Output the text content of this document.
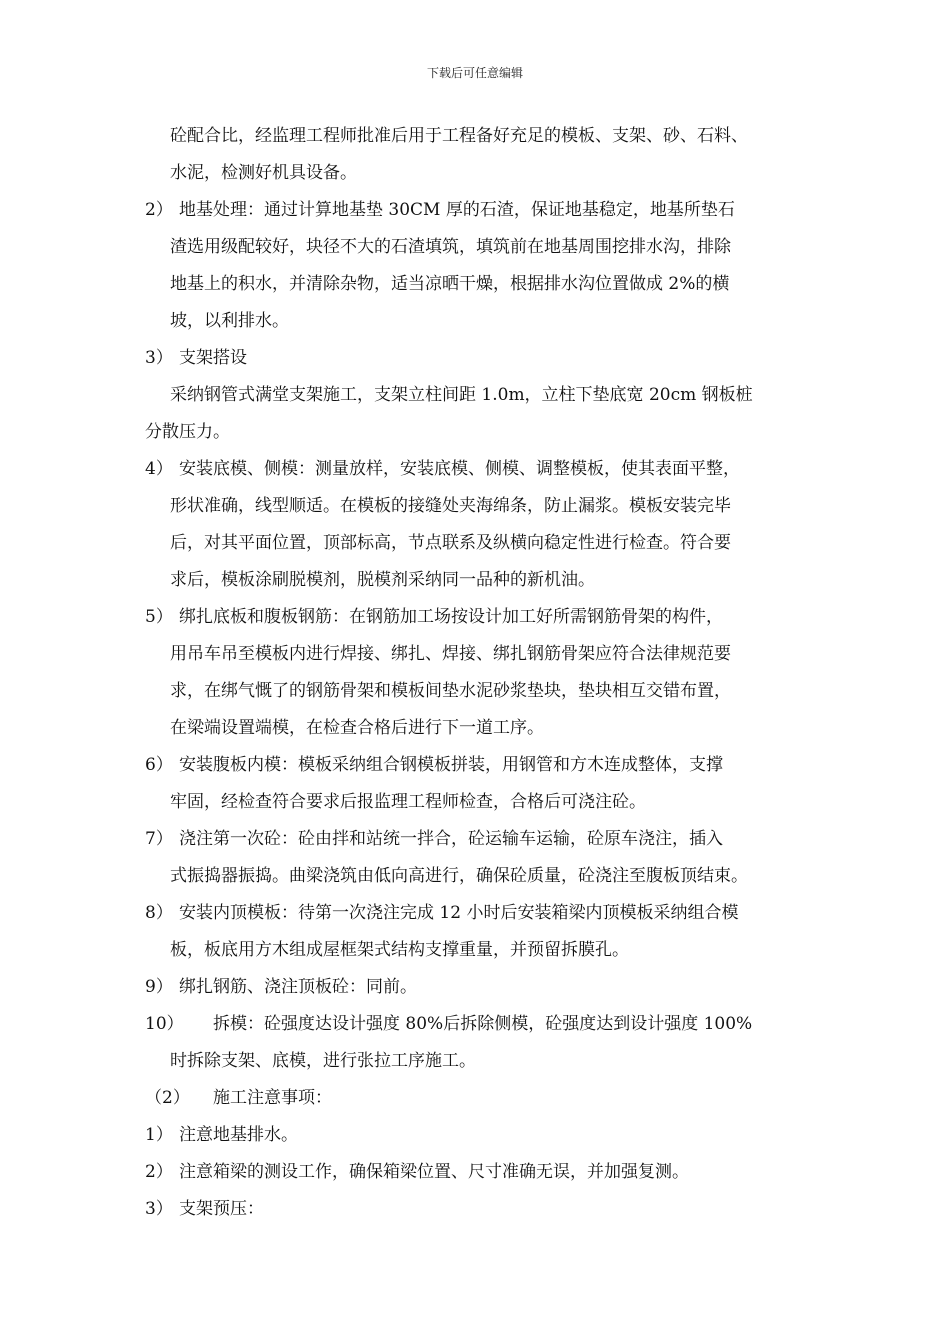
下载后可任意编辑
砼配合比，经监理工程师批准后用于工程备好充足的模板、支架、砂、石料、
水泥，检测好机具设备。
2） 地基处理：通过计算地基垫 30CM 厚的石渣，保证地基稳定，地基所垫石
渣选用级配较好，块径不大的石渣填筑，填筑前在地基周围挖排水沟，排除
地基上的积水，并清除杂物，适当凉晒干燥，根据排水沟位置做成 2%的横
坡，以利排水。
3） 支架搭设
采纳钢管式满堂支架施工，支架立柱间距 1.0m，立柱下垫底宽 20cm 钢板桩
分散压力。
4） 安装底模、侧模：测量放样，安装底模、侧模、调整模板，使其表面平整，
形状准确，线型顺适。在模板的接缝处夹海绵条，防止漏浆。模板安装完毕
后，对其平面位置，顶部标高，节点联系及纵横向稳定性进行检查。符合要
求后，模板涂刷脱模剂，脱模剂采纳同一品种的新机油。
5） 绑扎底板和腹板钢筋：在钢筋加工场按设计加工好所需钢筋骨架的构件，
用吊车吊至模板内进行焊接、绑扎、焊接、绑扎钢筋骨架应符合法律规范要
求，在绑气慨了的钢筋骨架和模板间垫水泥砂浆垫块，垫块相互交错布置，
在梁端设置端模，在检查合格后进行下一道工序。
6） 安装腹板内模：模板采纳组合钢模板拼装，用钢管和方木连成整体，支撑
牢固，经检查符合要求后报监理工程师检查，合格后可浇注砼。
7） 浇注第一次砼：砼由拌和站统一拌合，砼运输车运输，砼原车浇注，插入
式振捣器振捣。曲梁浇筑由低向高进行，确保砼质量，砼浇注至腹板顶结束。
8） 安装内顶模板：待第一次浇注完成 12 小时后安装箱梁内顶模板采纳组合模
板，板底用方木组成屋框架式结构支撑重量，并预留拆膜孔。
9） 绑扎钢筋、浇注顶板砼：同前。
10） 拆模：砼强度达设计强度 80%后拆除侧模，砼强度达到设计强度 100%
时拆除支架、底模，进行张拉工序施工。
（2） 施工注意事项：
1） 注意地基排水。
2） 注意箱梁的测设工作，确保箱梁位置、尺寸准确无误，并加强复测。
3） 支架预压：
